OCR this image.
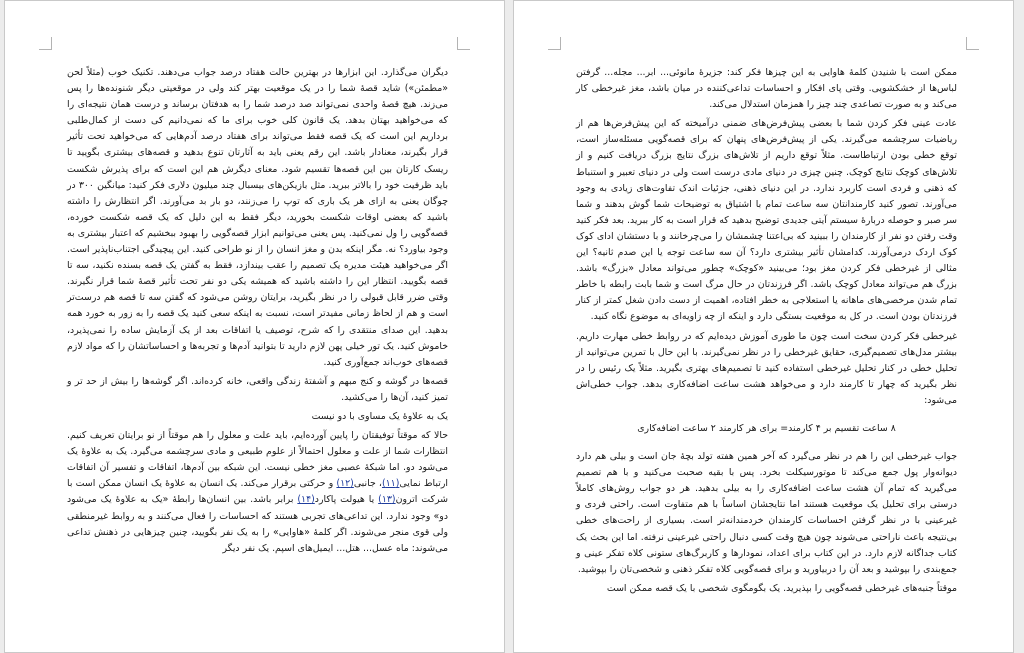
دیگران می‌گذارد. این ابزارها در بهترین حالت هفتاد درصد جواب می‌دهند. تکنیک خوب (مثلاً لحن «مطمئن») شاید قصهٔ شما را در یک موقعیت بهتر کند ولی در موقعیتی دیگر شنونده‌ها را پس می‌زند. هیچ قصهٔ واحدی نمی‌تواند صد درصد شما را به هدفتان برساند و درست همان نتیجه‌ای را که می‌خواهید بهتان بدهد. یک قانون کلی خوب برای ما که نمی‌دانیم کی دست از کمال‌طلبی برداریم این است که یک قصه فقط می‌تواند برای هفتاد درصد آدم‌هایی که می‌خواهید تحت تأثیر قرار بگیرند، معنادار باشد. این رقم یعنی باید به آثارتان تنوع بدهید و قصه‌های بیشتری بگویید تا ریسک کارتان بین این قصه‌ها تقسیم شود. معنای دیگرش هم این است که برای پذیرش شکست باید ظرفیت خود را بالاتر ببرید. مثل بازیکن‌های بیسبال چند میلیون دلاری فکر کنید: میانگین ۳۰۰ در چوگان یعنی به ازای هر یک باری که توپ را می‌زنند، دو بار بد می‌آورند. اگر انتظارش را داشته باشید که بعضی اوقات شکست بخورید، دیگر فقط به این دلیل که یک قصه شکست خورده، قصه‌گویی را ول نمی‌کنید. پس یعنی می‌توانیم ابزار قصه‌گویی را بهبود ببخشیم که اعتبار بیشتری به وجود بیاورد؟ نه. مگر اینکه بدن و مغز انسان را از نو طراحی کنید. این پیچیدگی اجتناب‌ناپذیر است. اگر می‌خواهید هیئت مدیره یک تصمیم را عقب بیندازد، فقط به گفتن یک قصه بسنده نکنید، سه تا قصه بگویید. انتظار این را داشته باشید که همیشه یکی دو نفر تحت تأثیر قصهٔ شما قرار نگیرند. وقتی ضرر قابل قبولی را در نظر بگیرید، برایتان روشن می‌شود که گفتن سه تا قصه هم درست‌تر است و هم از لحاظ زمانی مفیدتر است، نسبت به اینکه سعی کنید یک قصه را به زور به خورد همه بدهید. این صدای منتقدی را که شرح، توصیف یا اتفاقات بعد از یک آزمایش ساده را نمی‌پذیرد، خاموش کنید. یک تور خیلی پهن لازم دارید تا بتوانید آدم‌ها و تجربه‌ها و احساساتشان را که مواد لازم قصه‌های خوب‌اند جمع‌آوری کنید.

قصه‌ها در گوشه و کنج مبهم و آشفتهٔ زندگی واقعی، خانه کرده‌اند. اگر گوشه‌ها را بیش از حد تر و تمیز کنید، آن‌ها را می‌کشید.

یک به علاوهٔ یک مساوی با دو نیست

حالا که موقتاً توفیقتان را پایین آورده‌ایم، باید علت و معلول را هم موقتاً از نو برایتان تعریف کنیم. انتظارات شما از علت و معلول احتمالاً از علوم طبیعی و مادی سرچشمه می‌گیرد. یک به علاوهٔ یک می‌شود دو. اما شبکهٔ عصبی مغز خطی نیست. این شبکه بین آدم‌ها، اتفاقات و تفسیر آن اتفاقات ارتباط نمایی(۱۱)، جانبی(۱۲) و حرکتی برقرار می‌کند. یک انسان به علاوهٔ یک انسان ممکن است با شرکت اترون(۱۳) یا هیولت پاکارد(۱۴) برابر باشد. بین انسان‌ها رابطهٔ «یک به علاوهٔ یک می‌شود دو» وجود ندارد. این تداعی‌های تجربی هستند که احساسات را فعال می‌کنند و به روابط غیرمنطقی ولی قوی منجر می‌شوند. اگر کلمهٔ «هاوایی» را به یک نفر بگویید، چنین چیزهایی در ذهنش تداعی می‌شوند: ماه عسل... هتل... ایمیل‌های اسپم. یک نفر دیگر

ممکن است با شنیدن کلمهٔ هاوایی به این چیزها فکر کند: جزیرهٔ مانوئی... ابر... مجله... گرفتن لباس‌ها از خشکشویی. وقتی پای افکار و احساسات تداعی‌کننده در میان باشد، مغز غیرخطی کار می‌کند و به صورت تصاعدی چند چیز را همزمان استدلال می‌کند.

عادت عینی فکر کردن شما با بعضی پیش‌فرض‌های ضمنی درآمیخته که این پیش‌فرض‌ها هم از ریاضیات سرچشمه می‌گیرند. یکی از پیش‌فرض‌های پنهان که برای قصه‌گویی مسئله‌ساز است، توقع خطی بودن ارتباطاست. مثلاً توقع داریم از تلاش‌های بزرگ نتایج بزرگ دریافت کنیم و از تلاش‌های کوچک نتایج کوچک. چنین چیزی در دنیای مادی درست است ولی در دنیای تعبیر و استنباط که ذهنی و فردی است کاربرد ندارد. در این دنیای ذهنی، جزئیات اندک تفاوت‌های زیادی به وجود می‌آورند. تصور کنید کارمندانتان سه ساعت تمام با اشتیاق به توضیحات شما گوش بدهند و شما سر صبر و حوصله دربارهٔ سیستم آیتی جدیدی توضیح بدهید که قرار است به کار ببرید. بعد فکر کنید وقت رفتن دو نفر از کارمندان را ببینید که بی‌اعتنا چشمشان را می‌چرخانند و با دستشان ادای کوک کوک اردک درمی‌آورند. کدامشان تأثیر بیشتری دارد؟ آن سه ساعت توجه یا این صدم ثانیه؟ این مثالی از غیرخطی فکر کردن مغز بود؛ می‌بینید «کوچک» چطور می‌تواند معادل «بزرگ» باشد. بزرگ هم می‌تواند معادل کوچک باشد. اگر فرزندتان در حال مرگ است و شما بابت رابطه با خاطر تمام شدن مرخصی‌های ماهانه یا استعلاجی به خطر افتاده، اهمیت از دست دادن شغل کمتر از کنار فرزندتان بودن است. در کل به موقعیت بستگی دارد و اینکه از چه زاویه‌ای به موضوع نگاه کنید.

غیرخطی فکر کردن سخت است چون ما طوری آموزش دیده‌ایم که در روابط خطی مهارت داریم. بیشتر مدل‌های تصمیم‌گیری، حقایق غیرخطی را در نظر نمی‌گیرند. با این حال با تمرین می‌توانید از تحلیل خطی در کنار تحلیل غیرخطی استفاده کنید تا تصمیم‌های بهتری بگیرید. مثلاً یک رئیس را در نظر بگیرید که چهار تا کارمند دارد و می‌خواهد هشت ساعت اضافه‌کاری بدهد. جواب خطی‌اش می‌شود:

۸ ساعت تقسیم بر ۴ کارمند= برای هر کارمند ۲ ساعت اضافه‌کاری

جواب غیرخطی این را هم در نظر می‌گیرد که آخر همین هفته تولد بچهٔ جان است و بیلی هم دارد دیوانه‌وار پول جمع می‌کند تا موتورسیکلت بخرد. پس با بقیه صحبت می‌کنید و با هم تصمیم می‌گیرید که تمام آن هشت ساعت اضافه‌کاری را به بیلی بدهید. هر دو جواب روش‌های کاملاً درستی برای تحلیل یک موقعیت هستند اما نتایجشان اساساً با هم متفاوت است. راحتی فردی و غیرعینی با در نظر گرفتن احساسات کارمندان خردمندانه‌تر است. بسیاری از راحت‌های خطی بی‌نتیجه باعث ناراحتی می‌شوند چون هیچ وقت کسی دنبال راحتی غیرعینی نرفته. اما این بحث یک کتاب جداگانه لازم دارد. در این کتاب برای اعداد، نمودارها و کاربرگ‌های ستونی کلاه تفکر عینی و جمع‌بندی را بپوشید و بعد آن را دربیاورید و برای قصه‌گویی کلاه تفکر ذهنی و شخصی‌تان را بپوشید.

موقتاً جنبه‌های غیرخطی قصه‌گویی را بپذیرید. یک بگومگوی شخصی با یک قصه ممکن است
